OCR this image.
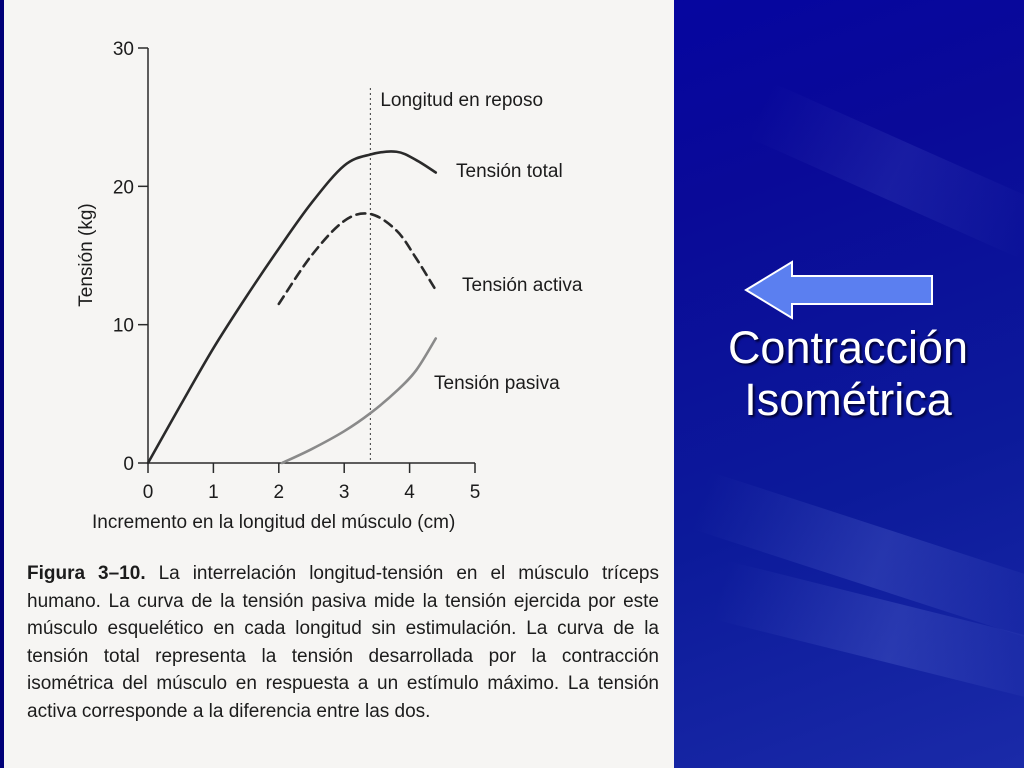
0
10
20
30
0	1	2	3	4	5
Longitud en reposo
Tensión total
Tensión activa
Tensión pasiva
Tensión (kg)
Incremento en la longitud del músculo (cm)
Figura 3–10. La interrelación longitud-tensión en el músculo tríceps humano. La curva de la tensión pasiva mide la tensión ejercida por este músculo esquelético en cada longitud sin estimulación. La curva de la tensión total representa la tensión desarrollada por la contracción isométrica del músculo en respuesta a un estímulo máximo. La tensión activa corresponde a la diferencia entre las dos.
Contracción
Isométrica
